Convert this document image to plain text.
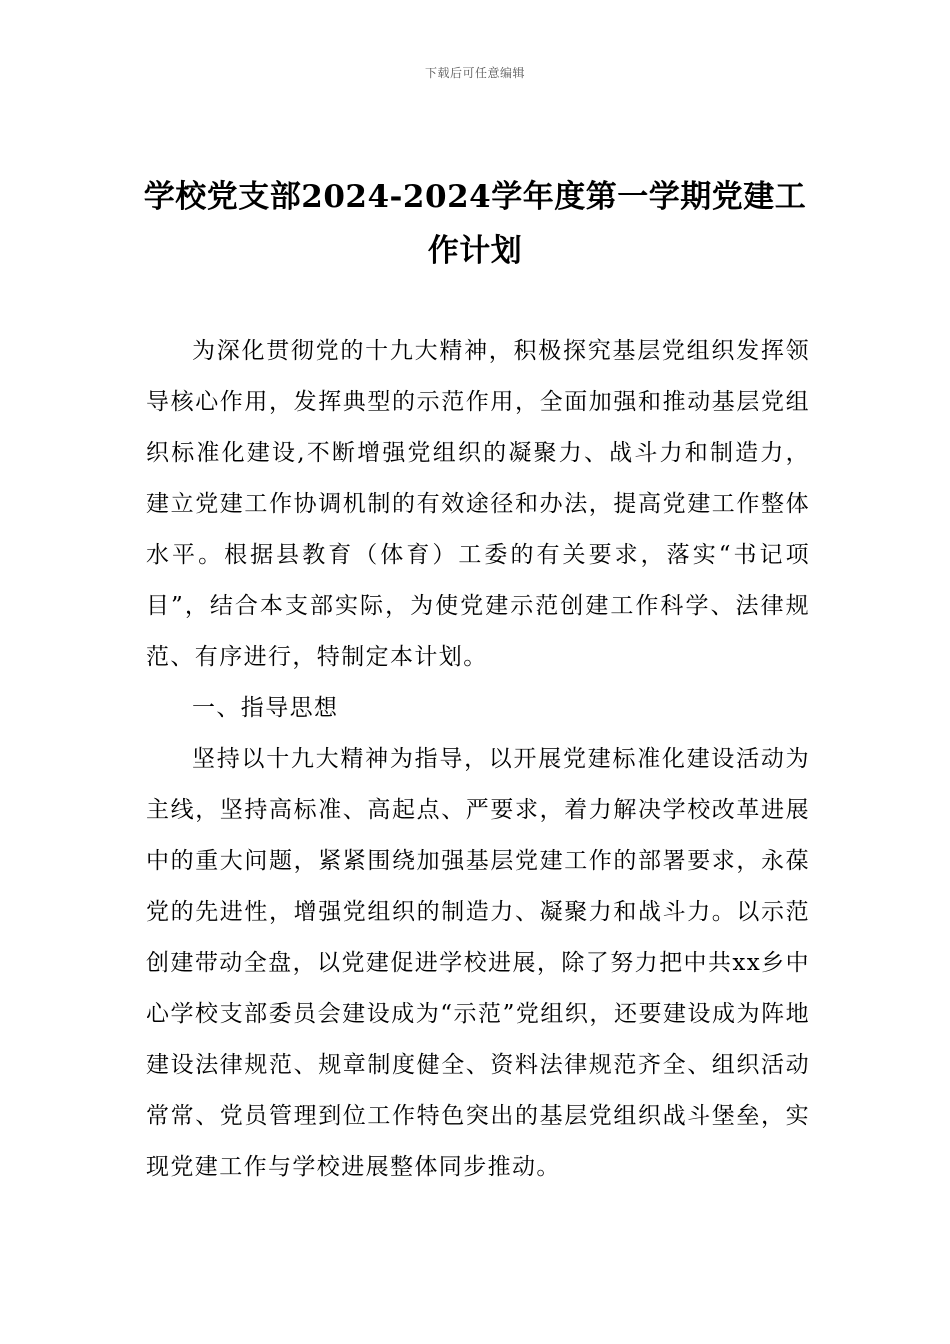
下载后可任意编辑
学校党支部2024-2024学年度第一学期党建工作计划

为深化贯彻党的十九大精神，积极探究基层党组织发挥领导核心作用，发挥典型的示范作用，全面加强和推动基层党组织标准化建设,不断增强党组织的凝聚力、战斗力和制造力，建立党建工作协调机制的有效途径和办法，提高党建工作整体水平。根据县教育（体育）工委的有关要求，落实“书记项目”，结合本支部实际，为使党建示范创建工作科学、法律规范、有序进行，特制定本计划。

一、指导思想

坚持以十九大精神为指导，以开展党建标准化建设活动为主线，坚持高标准、高起点、严要求，着力解决学校改革进展中的重大问题，紧紧围绕加强基层党建工作的部署要求，永葆党的先进性，增强党组织的制造力、凝聚力和战斗力。以示范创建带动全盘，以党建促进学校进展，除了努力把中共xx乡中心学校支部委员会建设成为“示范”党组织，还要建设成为阵地建设法律规范、规章制度健全、资料法律规范齐全、组织活动常常、党员管理到位工作特色突出的基层党组织战斗堡垒，实现党建工作与学校进展整体同步推动。
